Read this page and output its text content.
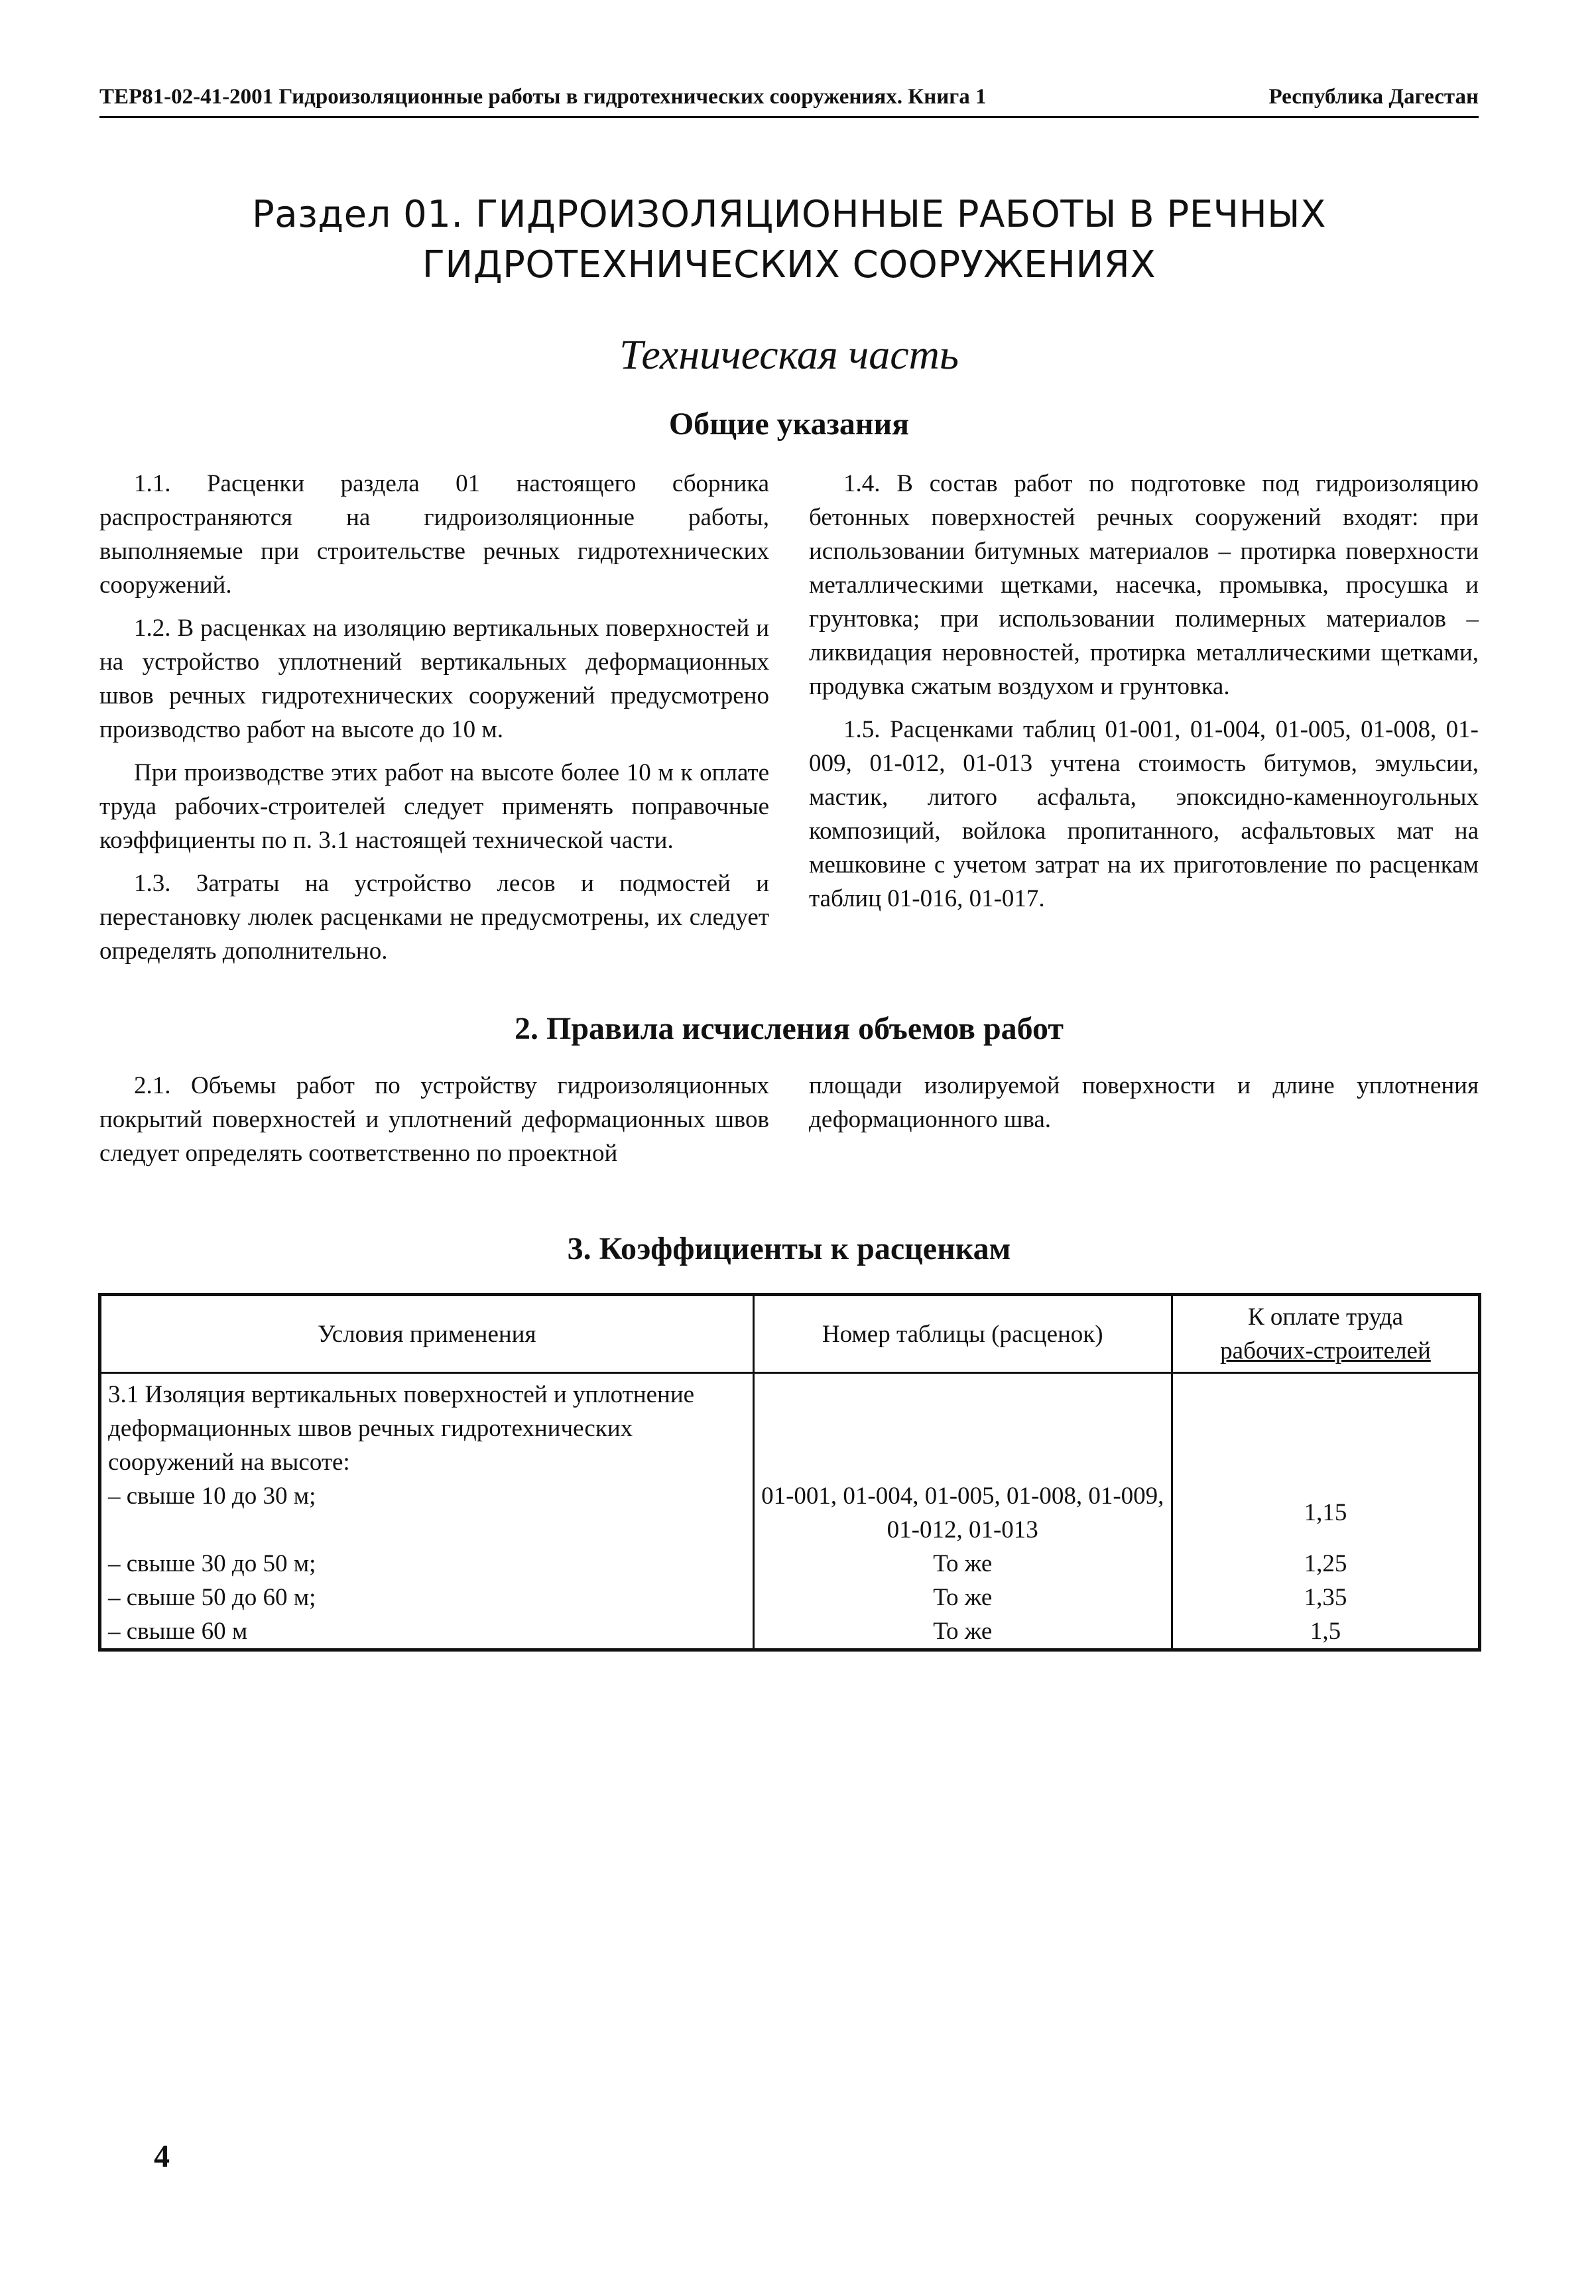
ТЕР81-02-41-2001 Гидроизоляционные работы в гидротехнических сооружениях. Книга 1	Республика Дагестан
Раздел 01. ГИДРОИЗОЛЯЦИОННЫЕ РАБОТЫ В РЕЧНЫХ
ГИДРОТЕХНИЧЕСКИХ СООРУЖЕНИЯХ
Техническая часть
Общие указания

1.1. Расценки раздела 01 настоящего сборника распространяются на гидроизоляционные работы, выполняемые при строительстве речных гидротехнических сооружений.

1.2. В расценках на изоляцию вертикальных поверхностей и на устройство уплотнений вертикальных деформационных швов речных гидротехнических сооружений предусмотрено производство работ на высоте до 10 м.

При производстве этих работ на высоте более 10 м к оплате труда рабочих-строителей следует применять поправочные коэффициенты по п. 3.1 настоящей технической части.

1.3. Затраты на устройство лесов и подмостей и перестановку люлек расценками не предусмотрены, их следует определять дополнительно.

1.4. В состав работ по подготовке под гидроизоляцию бетонных поверхностей речных сооружений входят: при использовании битумных материалов – протирка поверхности металлическими щетками, насечка, промывка, просушка и грунтовка; при использовании полимерных материалов – ликвидация неровностей, протирка металлическими щетками, продувка сжатым воздухом и грунтовка.

1.5. Расценками таблиц 01-001, 01-004, 01-005, 01-008, 01-009, 01-012, 01-013 учтена стоимость битумов, эмульсии, мастик, литого асфальта, эпоксидно-каменноугольных композиций, войлока пропитанного, асфальтовых мат на мешковине с учетом затрат на их приготовление по расценкам таблиц 01-016, 01-017.

2. Правила исчисления объемов работ

2.1. Объемы работ по устройству гидроизоляционных покрытий поверхностей и уплотнений деформационных швов следует определять соответственно по проектной

площади изолируемой поверхности и длине уплотнения деформационного шва.

3. Коэффициенты к расценкам
Условия применения	Номер таблицы (расценок)	К оплате труда
рабочих-строителей

3.1 Изоляция вертикальных поверхностей и уплотнение деформационных швов речных гидротехнических сооружений на высоте:
– свыше 10 до 30 м;	01-001, 01-004, 01-005, 01-008, 01-009, 01-012, 01-013	1,15
– свыше 30 до 50 м;	То же	1,25
– свыше 50 до 60 м;	То же	1,35
– свыше 60 м	То же	1,5
4
